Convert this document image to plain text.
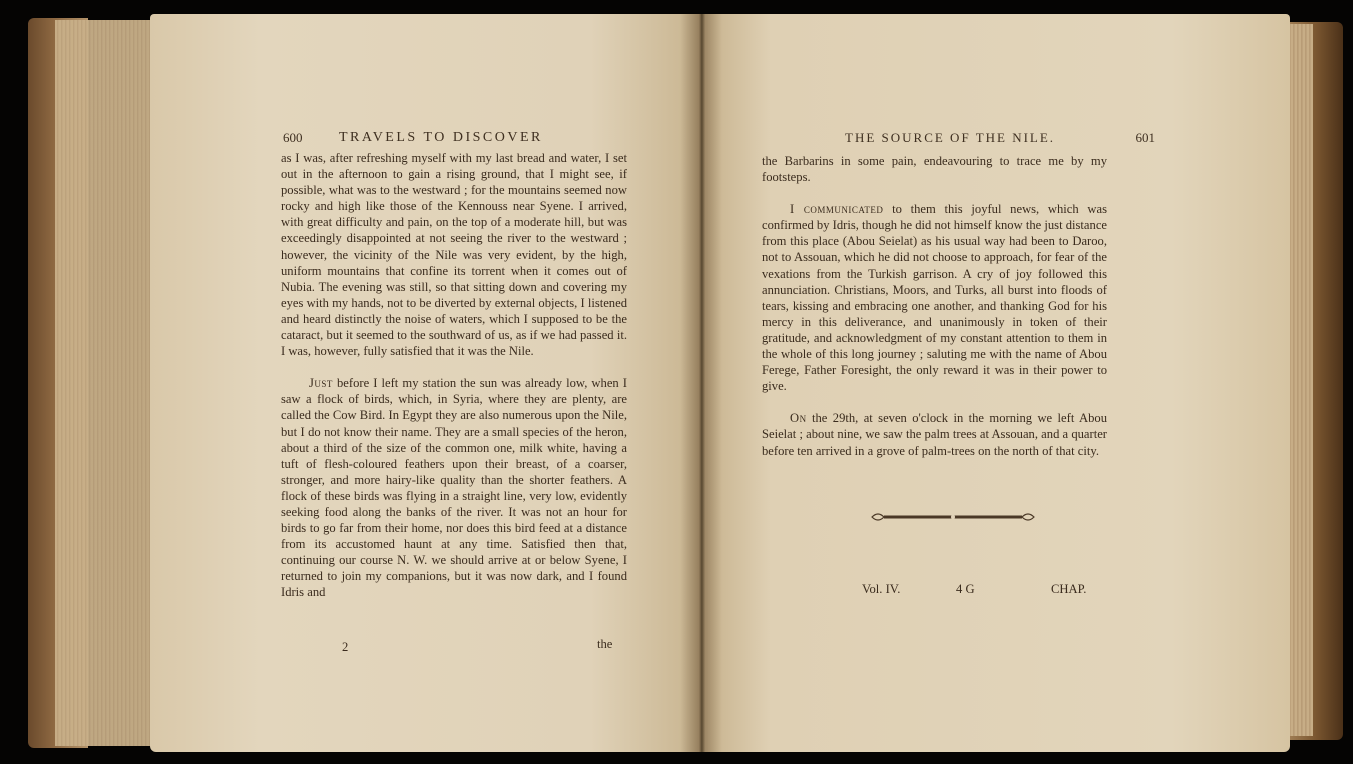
600	TRAVELS TO DISCOVER

as I was, after refreshing myself with my last bread and water, I set out in the afternoon to gain a rising ground, that I might see, if possible, what was to the westward ; for the mountains seemed now rocky and high like those of the Kennouss near Syene. I arrived, with great difficulty and pain, on the top of a moderate hill, but was exceedingly disappointed at not seeing the river to the westward ; however, the vicinity of the Nile was very evident, by the high, uniform mountains that confine its torrent when it comes out of Nubia. The evening was still, so that sitting down and covering my eyes with my hands, not to be diverted by external objects, I listened and heard distinctly the noise of waters, which I supposed to be the cataract, but it seemed to the southward of us, as if we had passed it. I was, however, fully satisfied that it was the Nile.

Just before I left my station the sun was already low, when I saw a flock of birds, which, in Syria, where they are plenty, are called the Cow Bird. In Egypt they are also numerous upon the Nile, but I do not know their name. They are a small species of the heron, about a third of the size of the common one, milk white, having a tuft of flesh-coloured feathers upon their breast, of a coarser, stronger, and more hairy-like quality than the shorter feathers. A flock of these birds was flying in a straight line, very low, evidently seeking food along the banks of the river. It was not an hour for birds to go far from their home, nor does this bird feed at a distance from its accustomed haunt at any time. Satisfied then that, continuing our course N. W. we should arrive at or below Syene, I returned to join my companions, but it was now dark, and I found Idris and

2	the
THE SOURCE OF THE NILE.	601

the Barbarins in some pain, endeavouring to trace me by my footsteps.

I communicated to them this joyful news, which was confirmed by Idris, though he did not himself know the just distance from this place (Abou Seielat) as his usual way had been to Daroo, not to Assouan, which he did not choose to approach, for fear of the vexations from the Turkish garrison. A cry of joy followed this annunciation. Christians, Moors, and Turks, all burst into floods of tears, kissing and embracing one another, and thanking God for his mercy in this deliverance, and unanimously in token of their gratitude, and acknowledgment of my constant attention to them in the whole of this long journey ; saluting me with the name of Abou Ferege, Father Foresight, the only reward it was in their power to give.

On the 29th, at seven o'clock in the morning we left Abou Seielat ; about nine, we saw the palm trees at Assouan, and a quarter before ten arrived in a grove of palm-trees on the north of that city.

Vol. IV.	4 G	CHAP.
